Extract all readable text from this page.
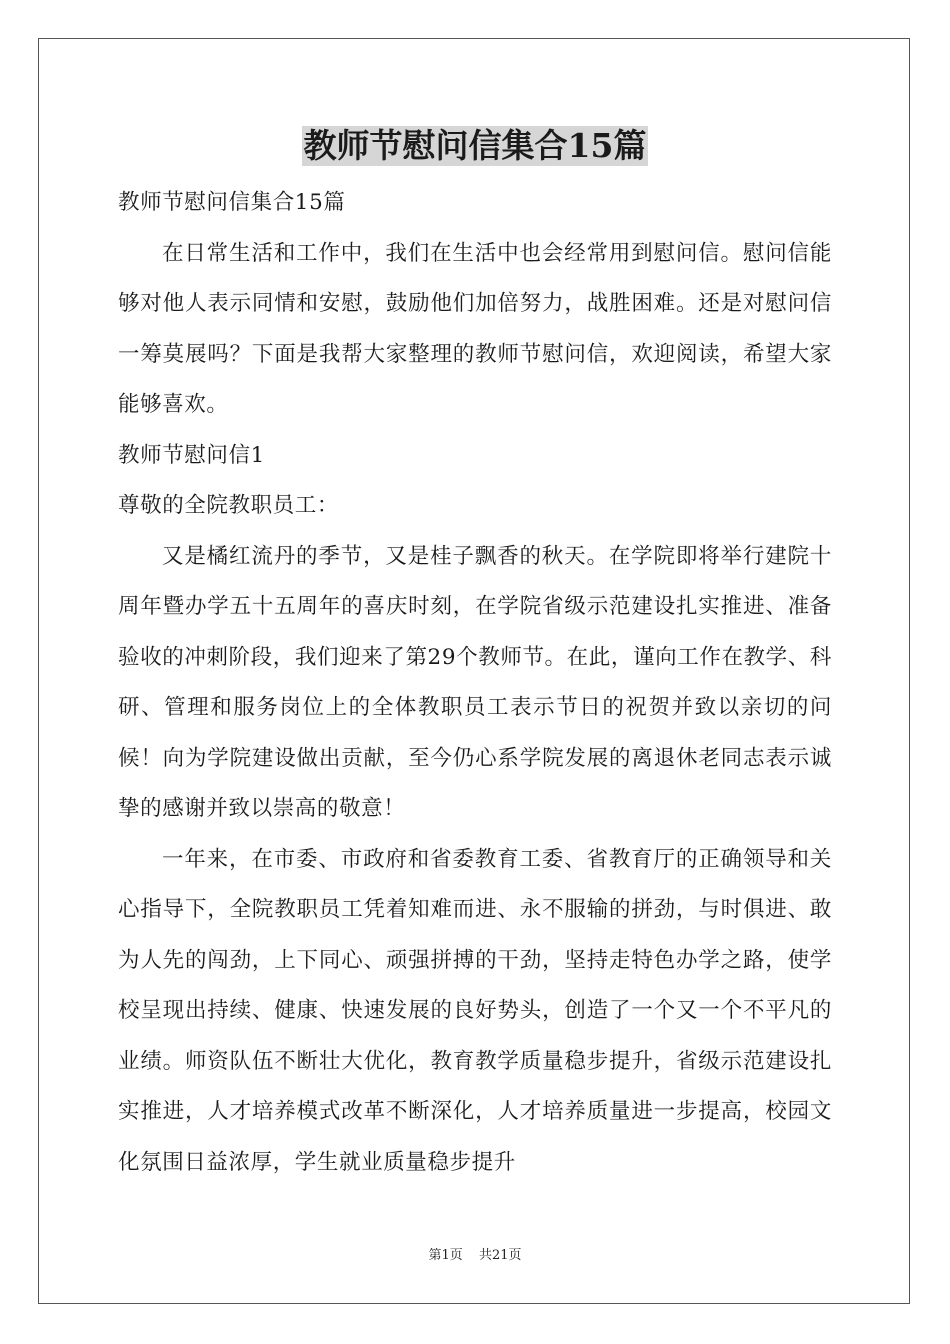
教师节慰问信集合15篇

教师节慰问信集合15篇

在日常生活和工作中，我们在生活中也会经常用到慰问信。慰问信能够对他人表示同情和安慰，鼓励他们加倍努力，战胜困难。还是对慰问信一筹莫展吗？下面是我帮大家整理的教师节慰问信，欢迎阅读，希望大家能够喜欢。

教师节慰问信1

尊敬的全院教职员工：

又是橘红流丹的季节，又是桂子飘香的秋天。在学院即将举行建院十周年暨办学五十五周年的喜庆时刻，在学院省级示范建设扎实推进、准备验收的冲刺阶段，我们迎来了第29个教师节。在此，谨向工作在教学、科研、管理和服务岗位上的全体教职员工表示节日的祝贺并致以亲切的问候！向为学院建设做出贡献，至今仍心系学院发展的离退休老同志表示诚挚的感谢并致以崇高的敬意！

一年来，在市委、市政府和省委教育工委、省教育厅的正确领导和关心指导下，全院教职员工凭着知难而进、永不服输的拼劲，与时俱进、敢为人先的闯劲，上下同心、顽强拼搏的干劲，坚持走特色办学之路，使学校呈现出持续、健康、快速发展的良好势头，创造了一个又一个不平凡的业绩。师资队伍不断壮大优化，教育教学质量稳步提升，省级示范建设扎实推进，人才培养模式改革不断深化，人才培养质量进一步提高，校园文化氛围日益浓厚，学生就业质量稳步提升

第1页 共21页
